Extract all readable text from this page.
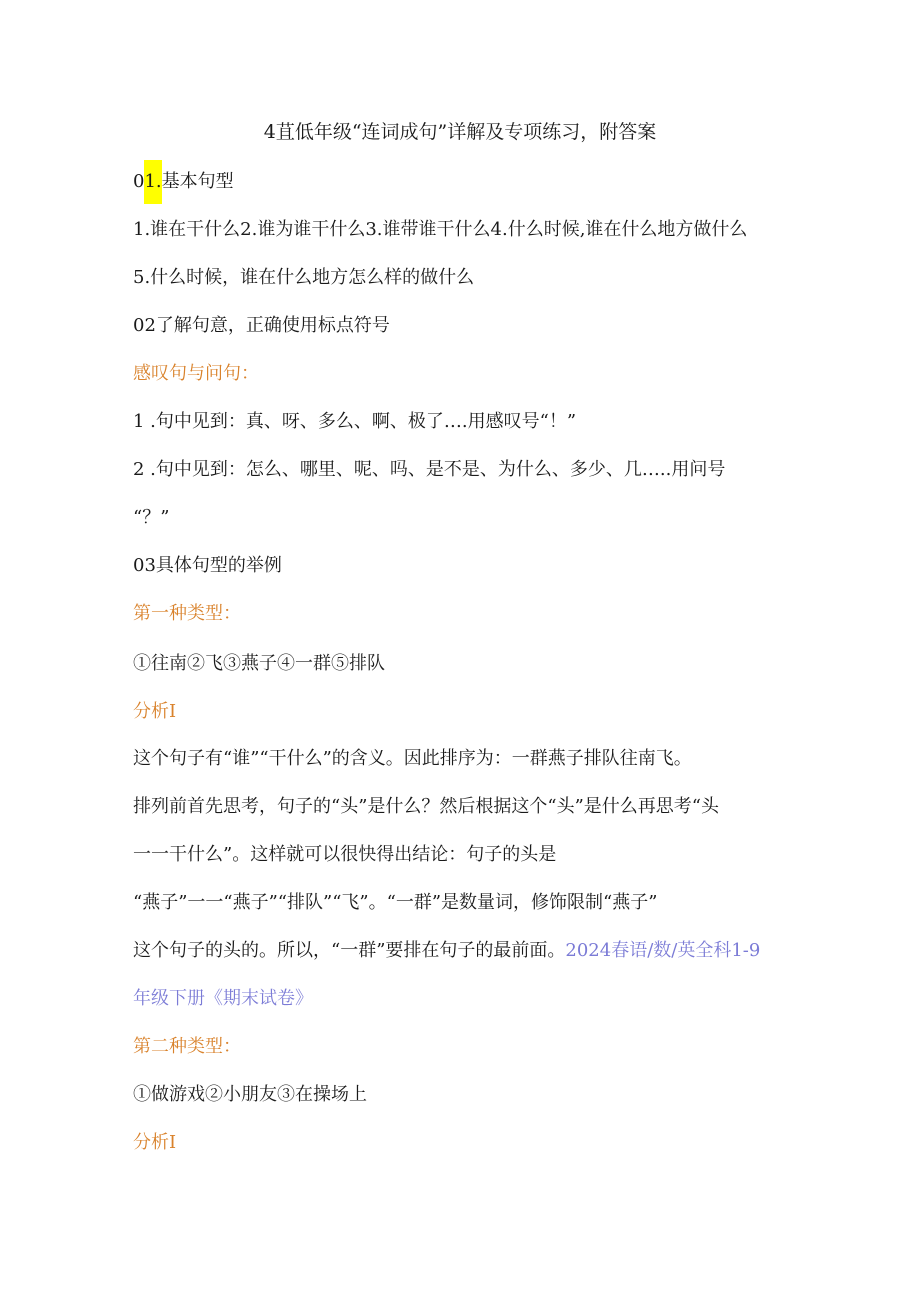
4苴低年级“连词成句”详解及专项练习，附答案
01.基本句型
1.谁在干什么2.谁为谁干什么3.谁带谁干什么4.什么时候,谁在什么地方做什么
5.什么时候，谁在什么地方怎么样的做什么
02了解句意，正确使用标点符号
感叹句与问句：
1 .句中见到：真、呀、多么、啊、极了….用感叹号“！”
2 .句中见到：怎么、哪里、呢、吗、是不是、为什么、多少、几…..用问号
“？”
03具体句型的举例
第一种类型：
①往南②飞③燕子④一群⑤排队
分析I
这个句子有“谁”“干什么”的含义。因此排序为：一群燕子排队往南飞。
排列前首先思考，句子的“头”是什么？然后根据这个“头”是什么再思考“头
一一干什么”。这样就可以很快得出结论：句子的头是
“燕子”一一“燕子”“排队”“飞”。“一群”是数量词，修饰限制“燕子”
这个句子的头的。所以，“一群”要排在句子的最前面。2024春语/数/英全科1-9
年级下册《期末试卷》
第二种类型：
①做游戏②小朋友③在操场上
分析I
